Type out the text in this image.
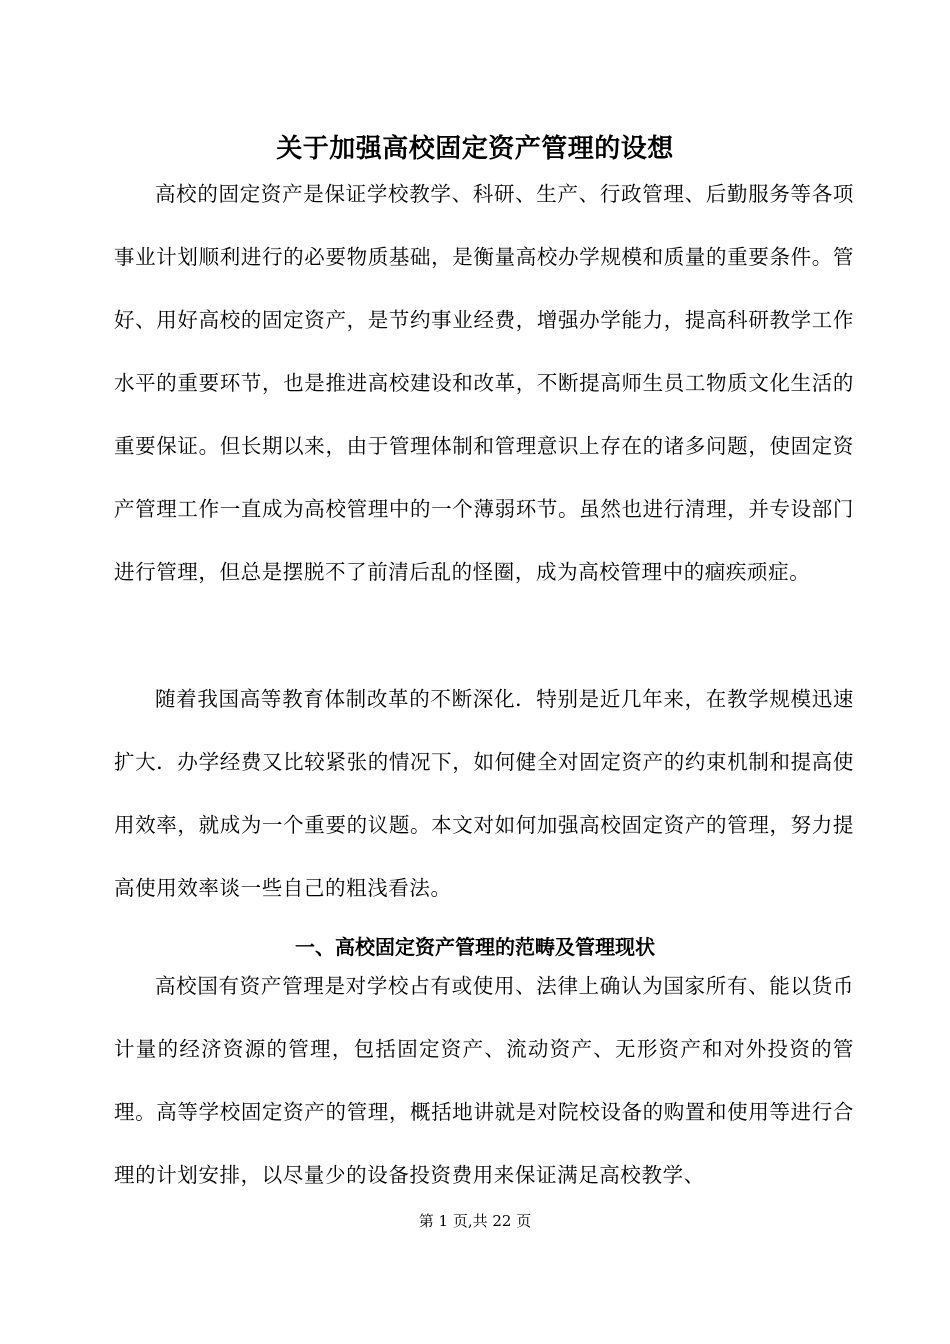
关于加强高校固定资产管理的设想

高校的固定资产是保证学校教学、科研、生产、行政管理、后勤服务等各项事业计划顺利进行的必要物质基础，是衡量高校办学规模和质量的重要条件。管好、用好高校的固定资产，是节约事业经费，增强办学能力，提高科研教学工作水平的重要环节，也是推进高校建设和改革，不断提高师生员工物质文化生活的重要保证。但长期以来，由于管理体制和管理意识上存在的诸多问题，使固定资产管理工作一直成为高校管理中的一个薄弱环节。虽然也进行清理，并专设部门进行管理，但总是摆脱不了前清后乱的怪圈，成为高校管理中的痼疾顽症。

随着我国高等教育体制改革的不断深化．特别是近几年来，在教学规模迅速扩大．办学经费又比较紧张的情况下，如何健全对固定资产的约束机制和提高使用效率，就成为一个重要的议题。本文对如何加强高校固定资产的管理，努力提高使用效率谈一些自己的粗浅看法。

一、高校固定资产管理的范畴及管理现状

高校国有资产管理是对学校占有或使用、法律上确认为国家所有、能以货币计量的经济资源的管理，包括固定资产、流动资产、无形资产和对外投资的管理。高等学校固定资产的管理，概括地讲就是对院校设备的购置和使用等进行合理的计划安排，以尽量少的设备投资费用来保证满足高校教学、

第 1 页,共 22 页
